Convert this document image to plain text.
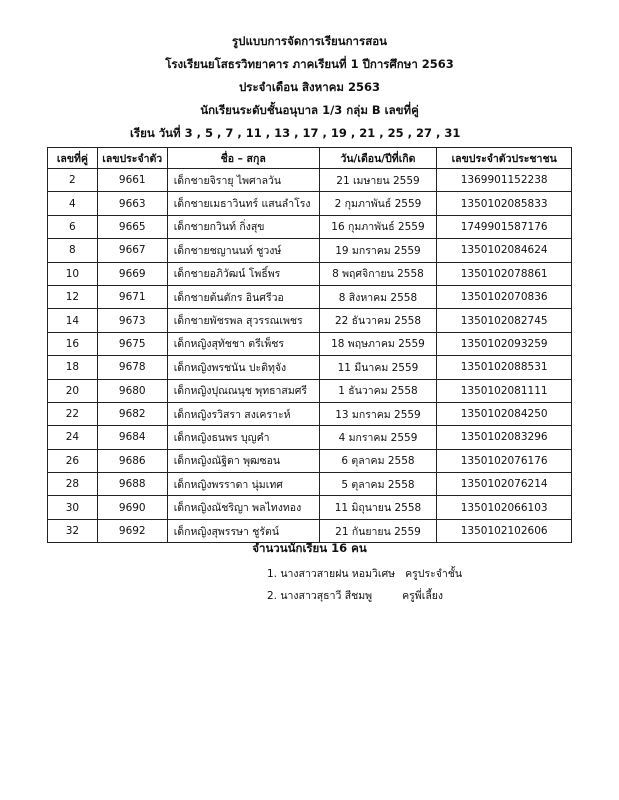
รูปแบบการจัดการเรียนการสอน
โรงเรียนยโสธรวิทยาคาร ภาคเรียนที่ 1 ปีการศึกษา 2563
ประจำเดือน สิงหาคม 2563
นักเรียนระดับชั้นอนุบาล 1/3 กลุ่ม B เลขที่คู่
เรียน วันที่ 3 , 5 , 7 , 11 , 13 , 17 , 19 , 21 , 25 , 27 , 31
เลขที่คู่	เลขประจำตัว	ชื่อ – สกุล	วัน/เดือน/ปีที่เกิด	เลขประจำตัวประชาชน
2	9661	เด็กชายจิรายุ ไพศาลวัน	21 เมษายน 2559	1369901152238
4	9663	เด็กชายเมธาวินทร์ แสนลำโรง	2 กุมภาพันธ์ 2559	1350102085833
6	9665	เด็กชายกวินท์ กิ่งสุข	16 กุมภาพันธ์ 2559	1749901587176
8	9667	เด็กชายชญานนท์ ชูวงษ์	19 มกราคม 2559	1350102084624
10	9669	เด็กชายอภิวัฒน์ โพธิ์พร	8 พฤศจิกายน 2558	1350102078861
12	9671	เด็กชายต้นตักร อินศรีวอ	8 สิงหาคม 2558	1350102070836
14	9673	เด็กชายพัชรพล สุวรรณเพชร	22 ธันวาคม 2558	1350102082745
16	9675	เด็กหญิงสุทัชชา ตรีเพ็ชร	18 พฤษภาคม 2559	1350102093259
18	9678	เด็กหญิงพรชนัน ปะติทุจัง	11 มีนาคม 2559	1350102088531
20	9680	เด็กหญิงปุณณนุช พุทธาสมศรี	1 ธันวาคม 2558	1350102081111
22	9682	เด็กหญิงรวิสรา สงเคราะห์	13 มกราคม 2559	1350102084250
24	9684	เด็กหญิงธนพร บุญคำ	4 มกราคม 2559	1350102083296
26	9686	เด็กหญิงณัฐิดา พุฒซอน	6 ตุลาคม 2558	1350102076176
28	9688	เด็กหญิงพรราดา นุ่มเทศ	5 ตุลาคม 2558	1350102076214
30	9690	เด็กหญิงณัชริญา พลไทงทอง	11 มิถุนายน 2558	1350102066103
32	9692	เด็กหญิงสุพรรษา ชูรัตน์	21 กันยายน 2559	1350102102606
จำนวนนักเรียน 16 คน
1. นางสาวสายฝน หอมวิเศษ ครูประจำชั้น
2. นางสาวสุธาวี สีชมพู	ครูพี่เลี้ยง
